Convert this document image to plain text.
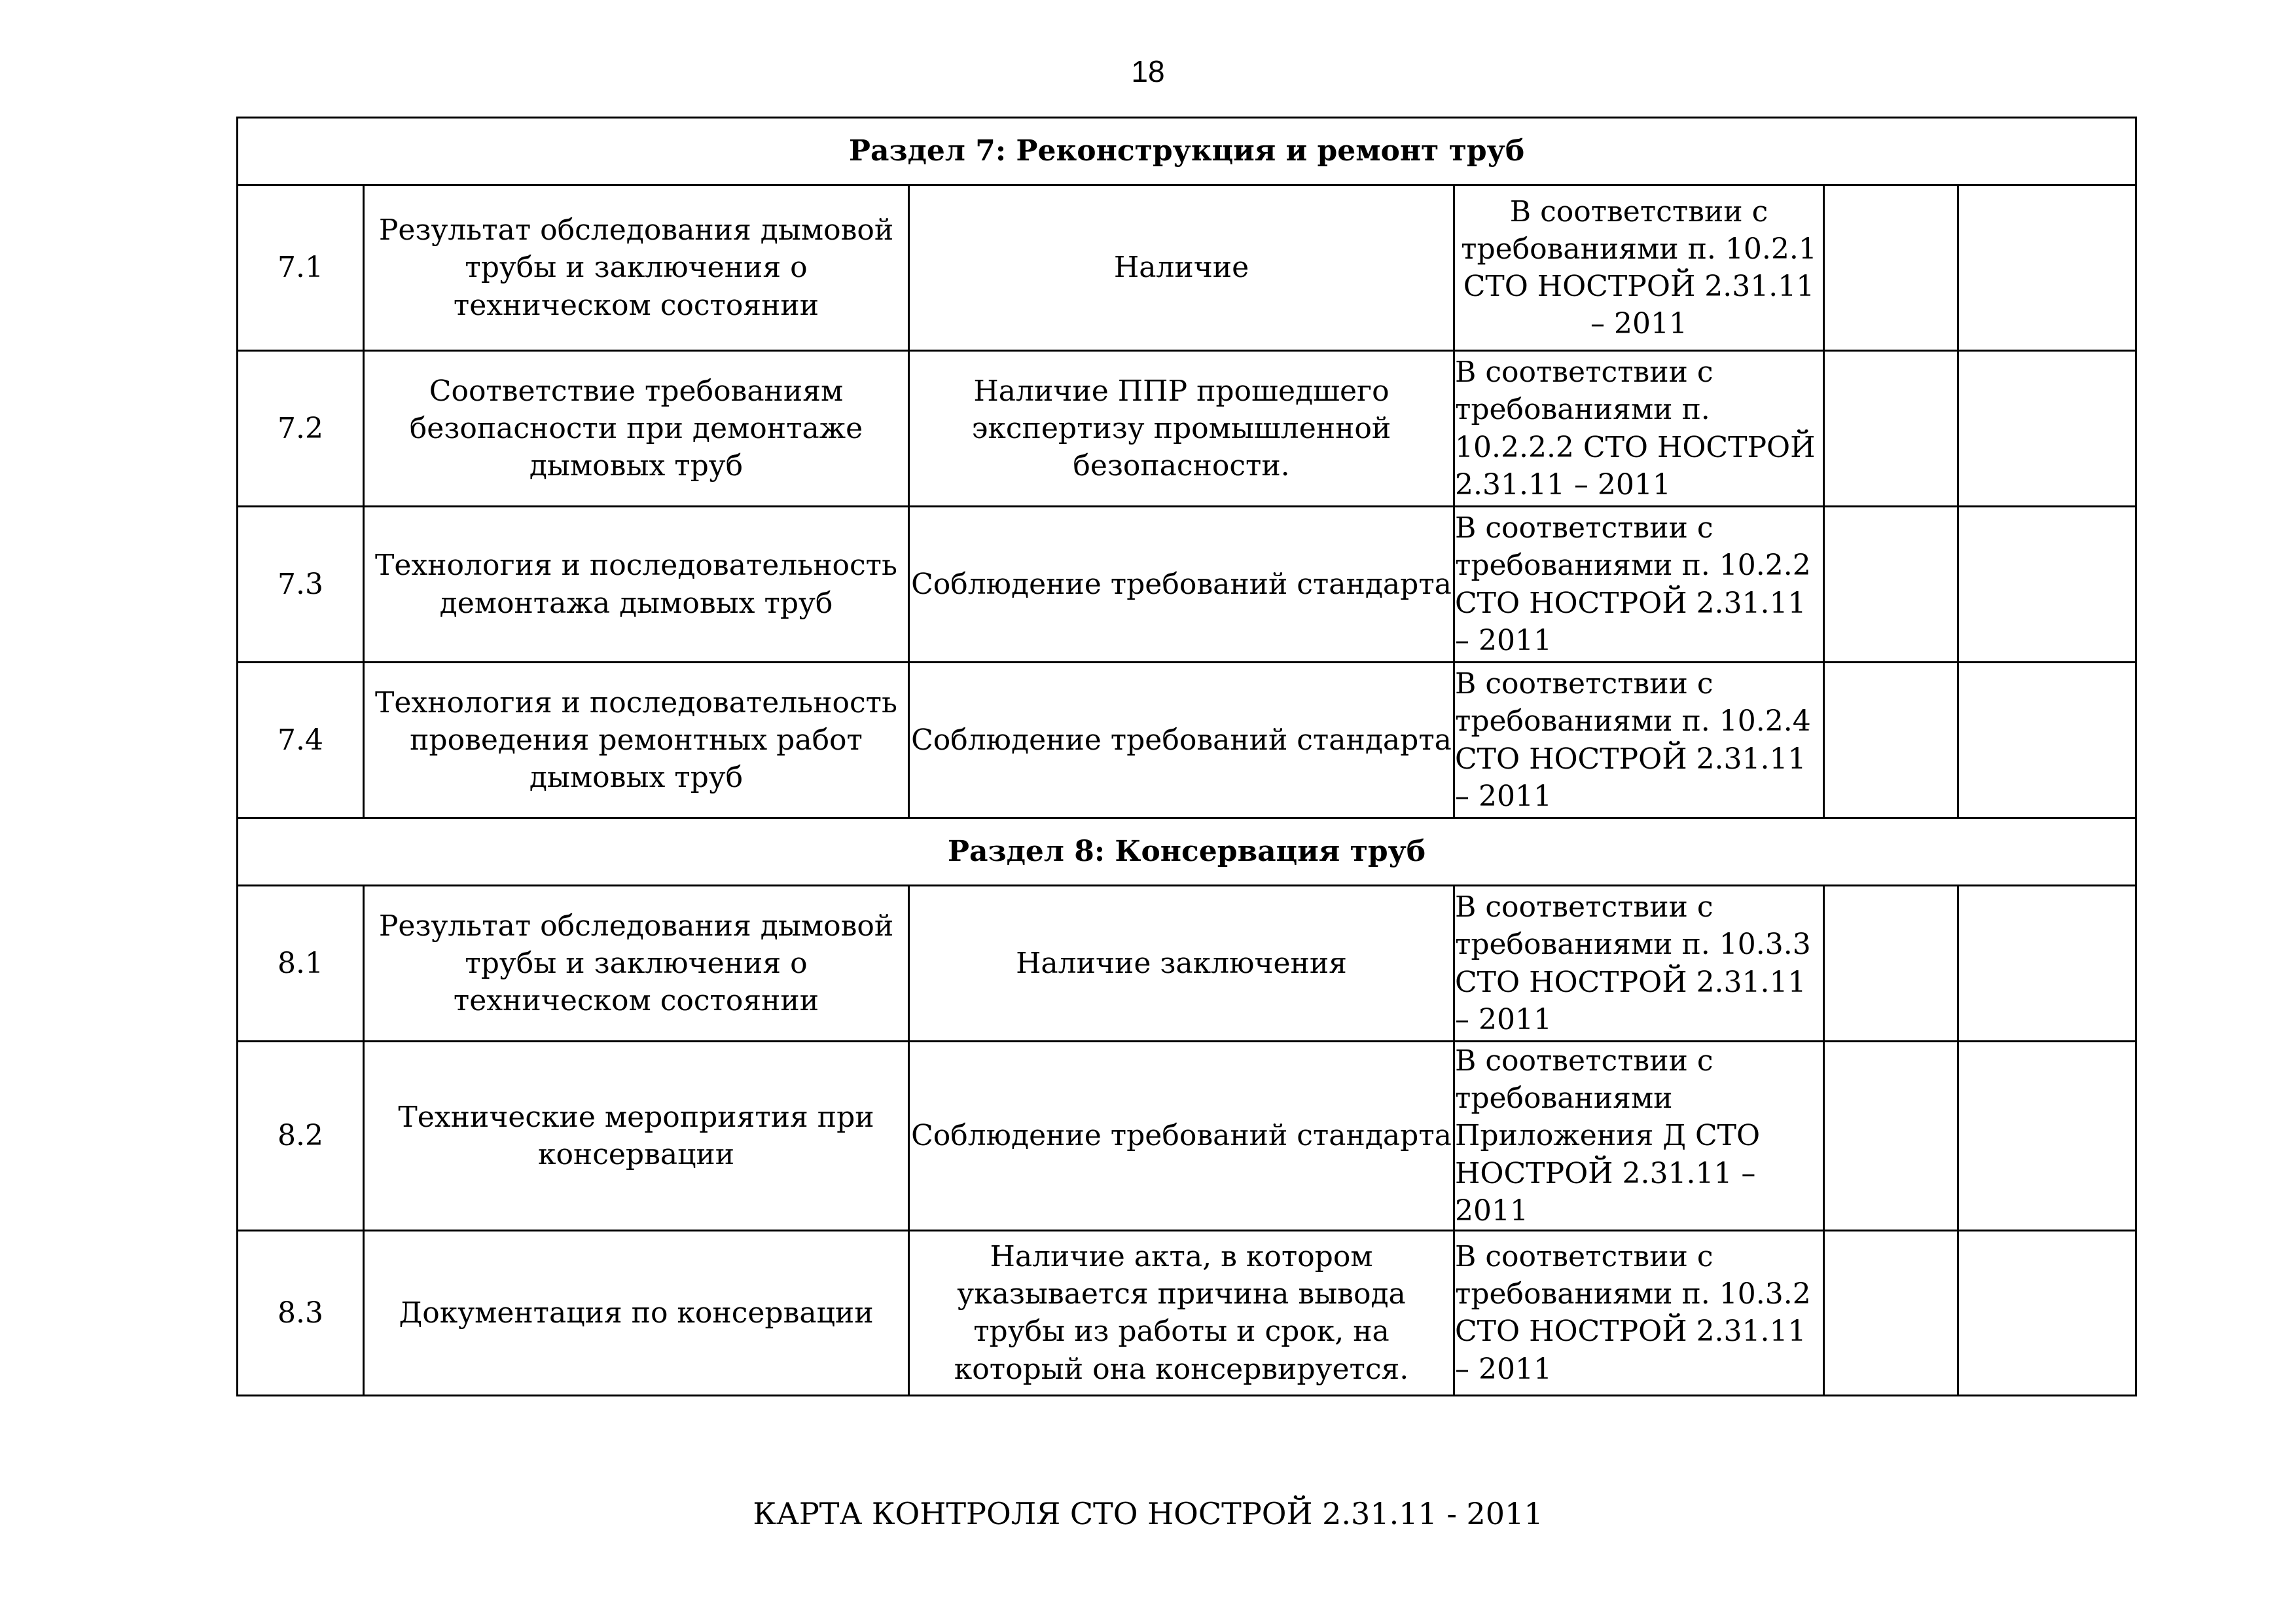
18
Раздел 7: Реконструкция и ремонт труб					
7.1	Результат обследования дымовой трубы и заключения о техническом состоянии	Наличие	В соответствии с требованиями п. 10.2.1 СТО НОСТРОЙ 2.31.11 – 2011		
7.2	Соответствие требованиям безопасности при демонтаже дымовых труб	Наличие ППР прошедшего экспертизу промышленной безопасности.	В соответствии с требованиями п. 10.2.2.2 СТО НОСТРОЙ 2.31.11 – 2011		
7.3	Технология и последовательность демонтажа дымовых труб	Соблюдение требований стандарта	В соответствии с требованиями п. 10.2.2 СТО НОСТРОЙ 2.31.11 – 2011		
7.4	Технология и последовательность проведения ремонтных работ дымовых труб	Соблюдение требований стандарта	В соответствии с требованиями п. 10.2.4 СТО НОСТРОЙ 2.31.11 – 2011		
Раздел 8: Консервация труб					
8.1	Результат обследования дымовой трубы и заключения о техническом состоянии	Наличие заключения	В соответствии с требованиями п. 10.3.3 СТО НОСТРОЙ 2.31.11 – 2011		
8.2	Технические мероприятия при консервации	Соблюдение требований стандарта	В соответствии с требованиями Приложения Д СТО НОСТРОЙ 2.31.11 – 2011		
8.3	Документация по консервации	Наличие акта, в котором указывается причина вывода трубы из работы и срок, на который она консервируется.	В соответствии с требованиями п. 10.3.2 СТО НОСТРОЙ 2.31.11 – 2011		
КАРТА КОНТРОЛЯ СТО НОСТРОЙ 2.31.11 - 2011
